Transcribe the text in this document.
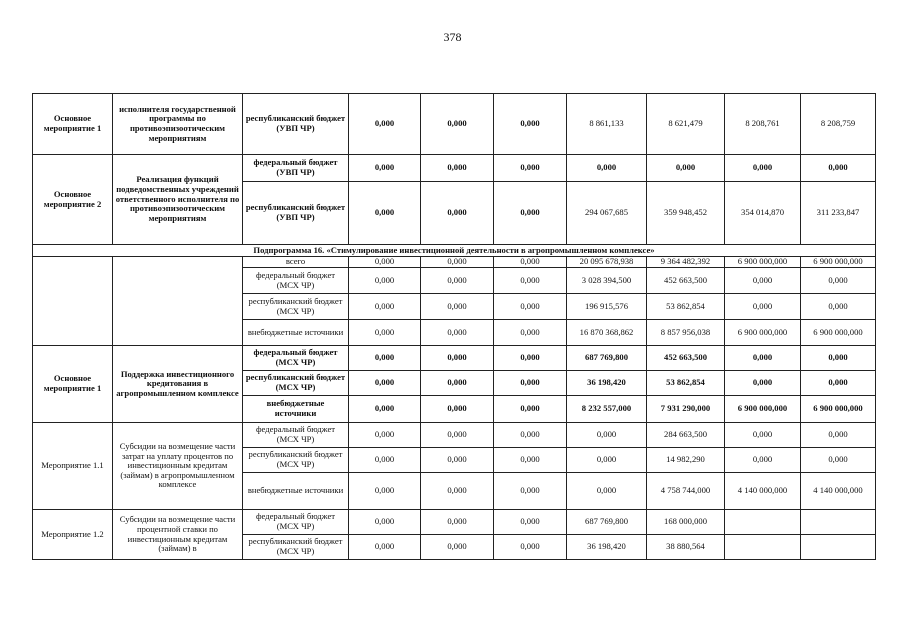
378
Основное мероприятие 1	исполнителя государственной программы по противоэпизоотическим мероприятиям	республиканский бюджет (УВП ЧР)	0,000	0,000	0,000	8 861,133	8 621,479	8 208,761	8 208,759
Основное мероприятие 2	Реализация функций подведомственных учреждений ответственного исполнителя по противоэпизоотическим мероприятиям	федеральный бюджет (УВП ЧР)	0,000	0,000	0,000	0,000	0,000	0,000	0,000
		республиканский бюджет (УВП ЧР)	0,000	0,000	0,000	294 067,685	359 948,452	354 014,870	311 233,847
Подпрограмма 16. «Стимулирование инвестиционной деятельности в агропромышленном комплексе»									
		всего	0,000	0,000	0,000	20 095 678,938	9 364 482,392	6 900 000,000	6 900 000,000
		федеральный бюджет (МСХ ЧР)	0,000	0,000	0,000	3 028 394,500	452 663,500	0,000	0,000
		республиканский бюджет (МСХ ЧР)	0,000	0,000	0,000	196 915,576	53 862,854	0,000	0,000
		внебюджетные источники	0,000	0,000	0,000	16 870 368,862	8 857 956,038	6 900 000,000	6 900 000,000
Основное мероприятие 1	Поддержка инвестиционного кредитования в агропромышленном комплексе	федеральный бюджет (МСХ ЧР)	0,000	0,000	0,000	687 769,800	452 663,500	0,000	0,000
		республиканский бюджет (МСХ ЧР)	0,000	0,000	0,000	36 198,420	53 862,854	0,000	0,000
		внебюджетные источники	0,000	0,000	0,000	8 232 557,000	7 931 290,000	6 900 000,000	6 900 000,000
Мероприятие 1.1	Субсидии на возмещение части затрат на уплату процентов по инвестиционным кредитам (займам) в агропромышленном комплексе	федеральный бюджет (МСХ ЧР)	0,000	0,000	0,000	0,000	284 663,500	0,000	0,000
		республиканский бюджет (МСХ ЧР)	0,000	0,000	0,000	0,000	14 982,290	0,000	0,000
		внебюджетные источники	0,000	0,000	0,000	0,000	4 758 744,000	4 140 000,000	4 140 000,000
Мероприятие 1.2	Субсидии на возмещение части процентной ставки по инвестиционным кредитам (займам) в	федеральный бюджет (МСХ ЧР)	0,000	0,000	0,000	687 769,800	168 000,000		
		республиканский бюджет (МСХ ЧР)	0,000	0,000	0,000	36 198,420	38 880,564		
